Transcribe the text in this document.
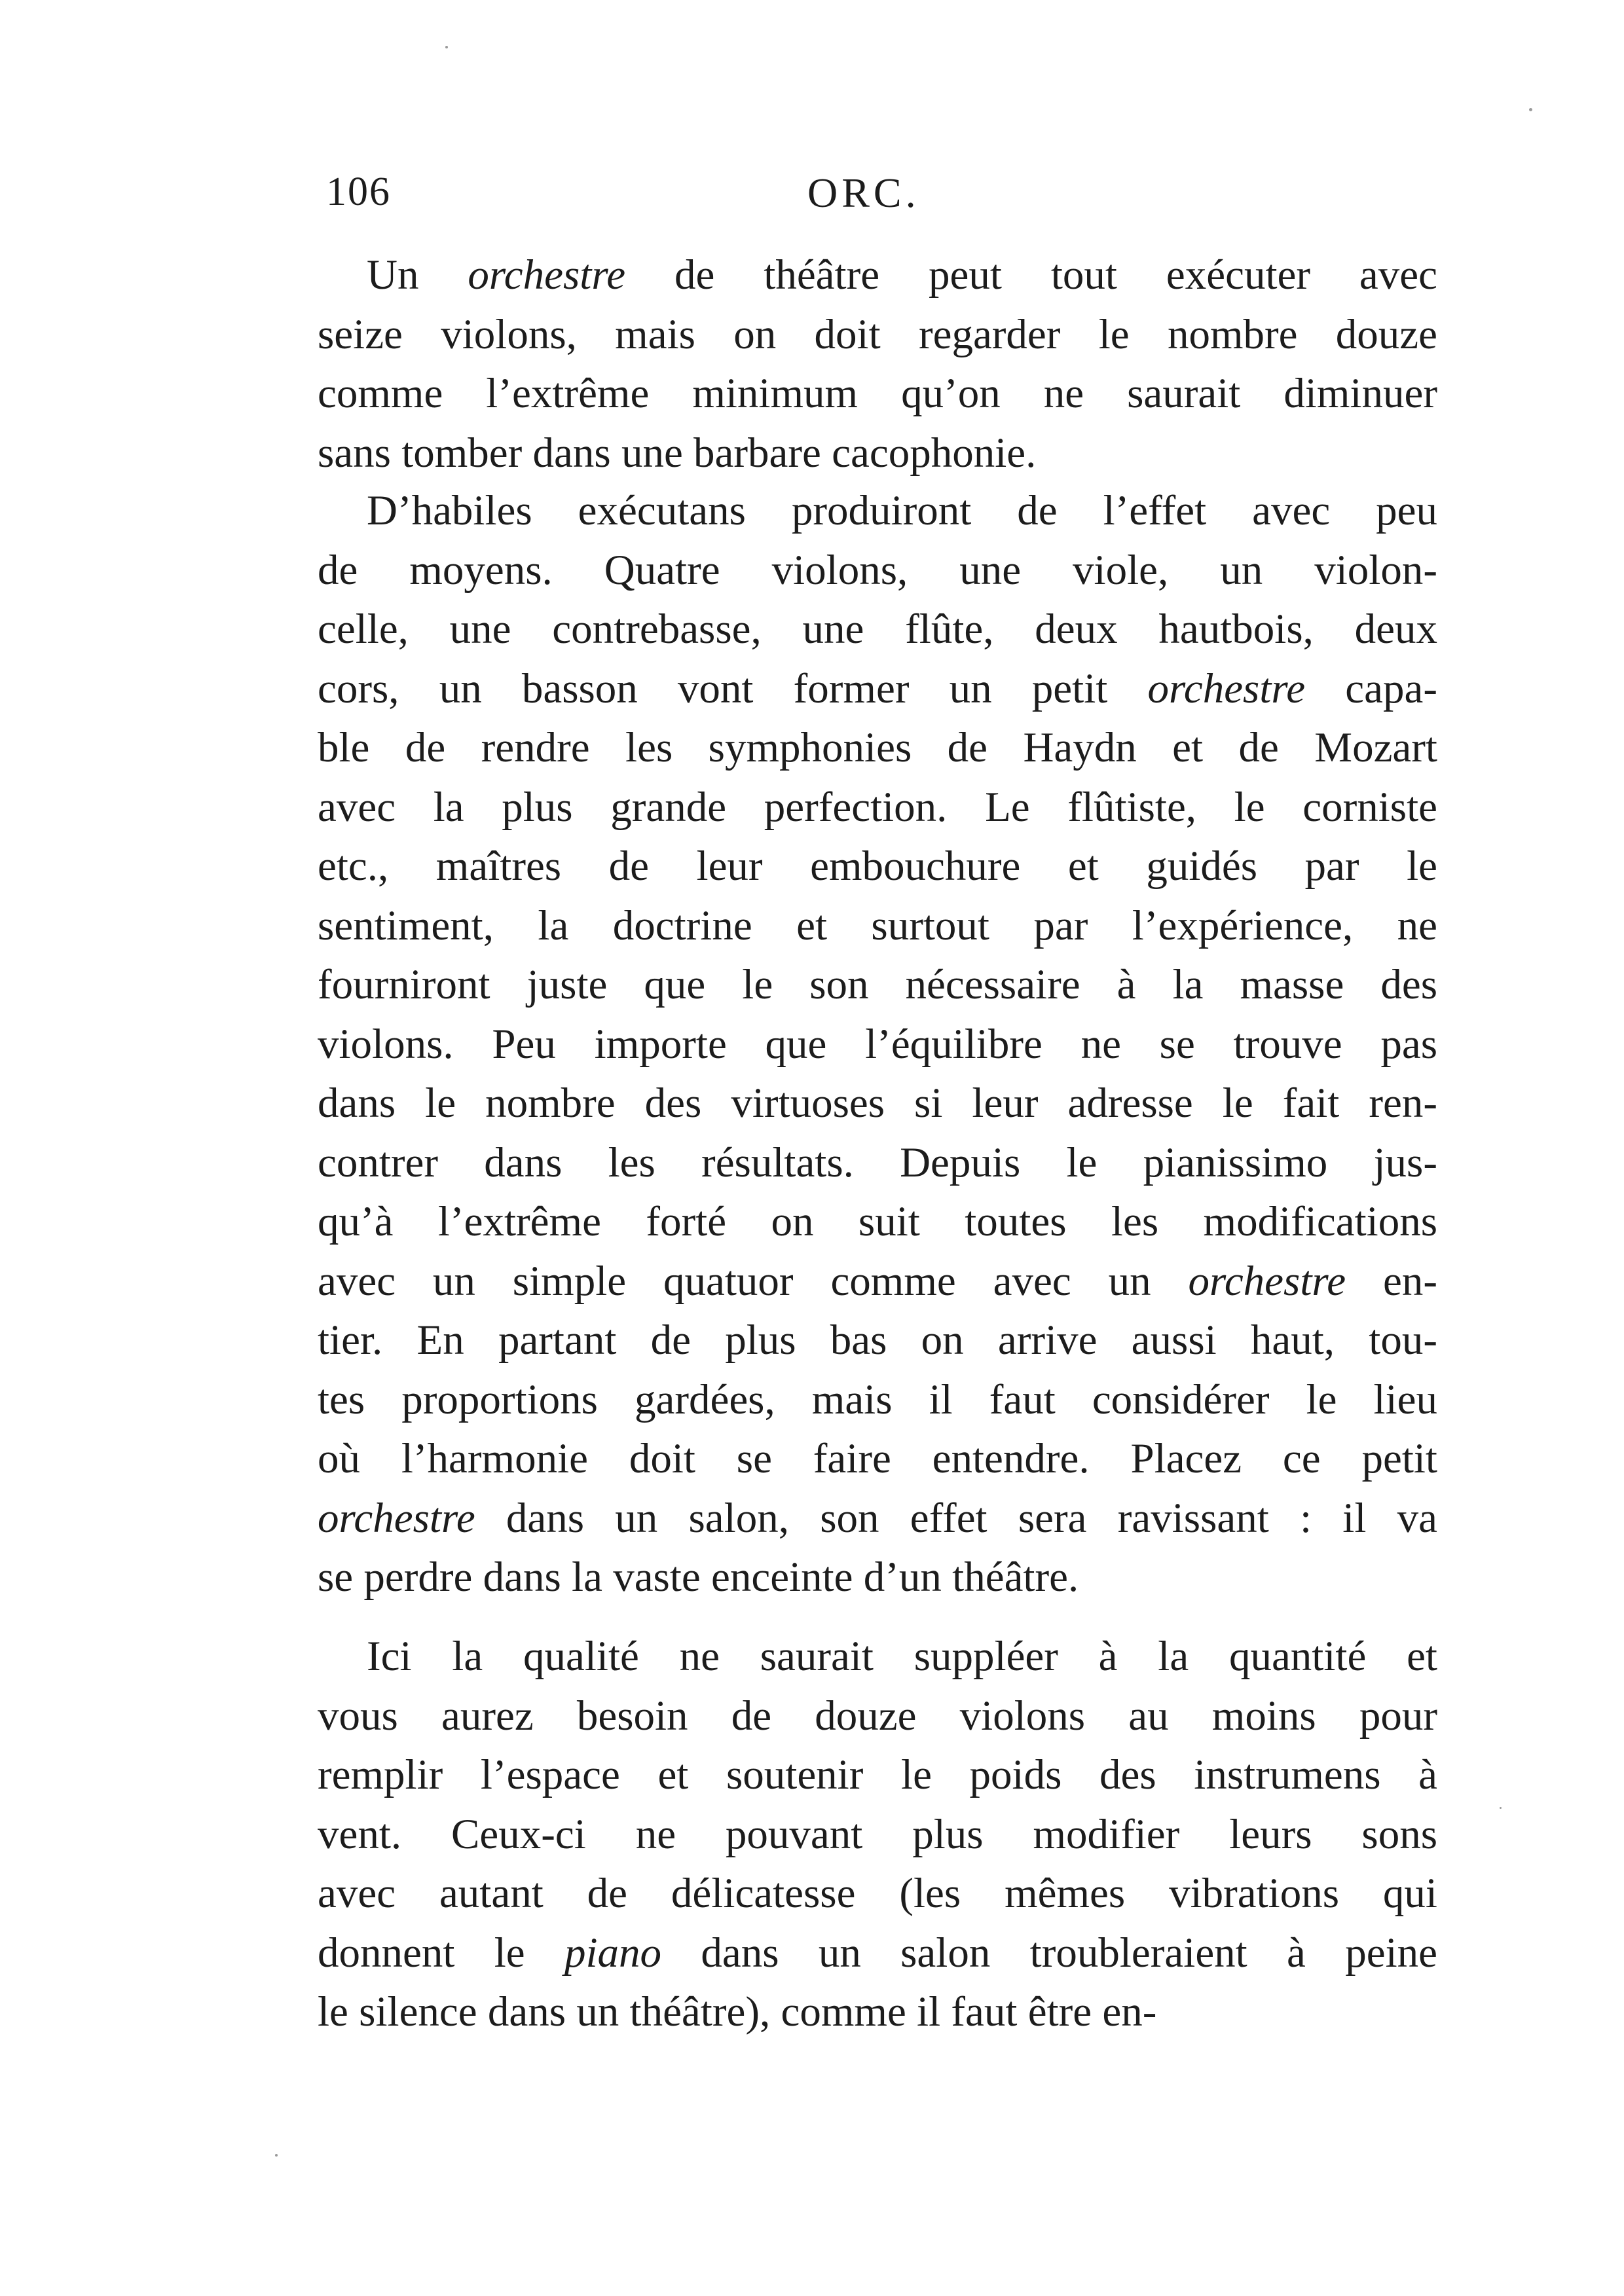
106	ORC.
Un orchestre de théâtre peut tout exécuter avec
seize violons, mais on doit regarder le nombre douze
comme l’extrême minimum qu’on ne saurait diminuer
sans tomber dans une barbare cacophonie.
D’habiles exécutans produiront de l’effet avec peu
de moyens. Quatre violons, une viole, un violon-
celle, une contrebasse, une flûte, deux hautbois, deux
cors, un basson vont former un petit orchestre capa-
ble de rendre les symphonies de Haydn et de Mozart
avec la plus grande perfection. Le flûtiste, le corniste
etc., maîtres de leur embouchure et guidés par le
sentiment, la doctrine et surtout par l’expérience, ne
fourniront juste que le son nécessaire à la masse des
violons. Peu importe que l’équilibre ne se trouve pas
dans le nombre des virtuoses si leur adresse le fait ren-
contrer dans les résultats. Depuis le pianissimo jus-
qu’à l’extrême forté on suit toutes les modifications
avec un simple quatuor comme avec un orchestre en-
tier. En partant de plus bas on arrive aussi haut, tou-
tes proportions gardées, mais il faut considérer le lieu
où l’harmonie doit se faire entendre. Placez ce petit
orchestre dans un salon, son effet sera ravissant : il va
se perdre dans la vaste enceinte d’un théâtre.
Ici la qualité ne saurait suppléer à la quantité et
vous aurez besoin de douze violons au moins pour
remplir l’espace et soutenir le poids des instrumens à
vent. Ceux-ci ne pouvant plus modifier leurs sons
avec autant de délicatesse (les mêmes vibrations qui
donnent le piano dans un salon troubleraient à peine
le silence dans un théâtre), comme il faut être en-
